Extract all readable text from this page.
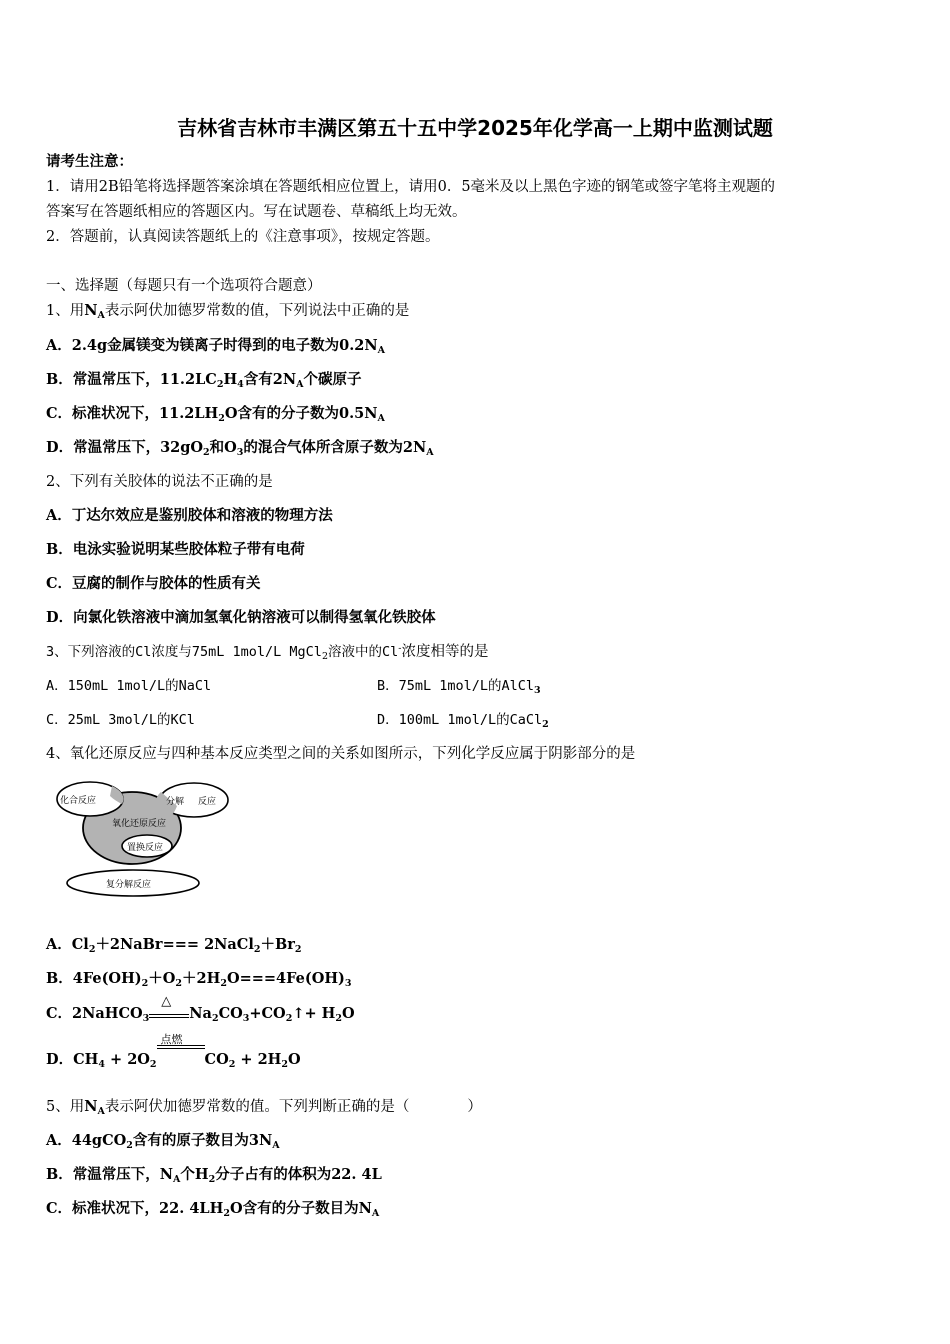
吉林省吉林市丰满区第五十五中学2025年化学高一上期中监测试题
请考生注意：
1．请用2B铅笔将选择题答案涂填在答题纸相应位置上，请用0．5毫米及以上黑色字迹的钢笔或签字笔将主观题的
答案写在答题纸相应的答题区内。写在试题卷、草稿纸上均无效。
2．答题前，认真阅读答题纸上的《注意事项》，按规定答题。
一、选择题（每题只有一个选项符合题意）
1、用$N_A$表示阿伏加德罗常数的值，下列说法中正确的是
A．2.4g金属镁变为镁离子时得到的电子数为$0.2N_A$
B．常温常压下，$11.2LC_2H_4$含有$2N_A$个碳原子
C．标准状况下，$11.2LH_2O$含有的分子数为$0.5N_A$
D．常温常压下，$32gO_2$和$O_3$的混合气体所含原子数为$2N_A$
2、下列有关胶体的说法不正确的是
A．丁达尔效应是鉴别胶体和溶液的物理方法
B．电泳实验说明某些胶体粒子带有电荷
C．豆腐的制作与胶体的性质有关
D．向氯化铁溶液中滴加氢氧化钠溶液可以制得氢氧化铁胶体
3、下列溶液的Cl浓度与75mL 1mol/L MgCl$_2$溶液中的Cl-浓度相等的是
A．150mL 1mol/L的NaCl	B．75mL 1mol/L的AlCl$_3$
C．25mL 3mol/L的KCl	D．100mL 1mol/L的CaCl$_2$
4、氧化还原反应与四种基本反应类型之间的关系如图所示，下列化学反应属于阴影部分的是
化合反应	分解 反应
氧化还原反应
置换反应
复分解反应
A．$Cl_2+2NaBr===$ $2NaCl_2+Br_2$
B．$4Fe(OH)_2+O_2+2H_2O===4Fe(OH)_3$
C．2NaHCO$_3$
△
$Na_2CO_3+CO_2↑+ H_2O$
D．$CH_4 + 2O_2$
点燃
$CO_2 + 2H_2O$
5、用$N_A$表示阿伏加德罗常数的值。下列判断正确的是（　　　　）
A．44gCO$_2$含有的原子数目为$3N_A$
B．常温常压下，$N_A$个$H_2$分子占有的体积为22. 4L
C．标准状况下，22. $4LH_2O$含有的分子数目为$N_A$
